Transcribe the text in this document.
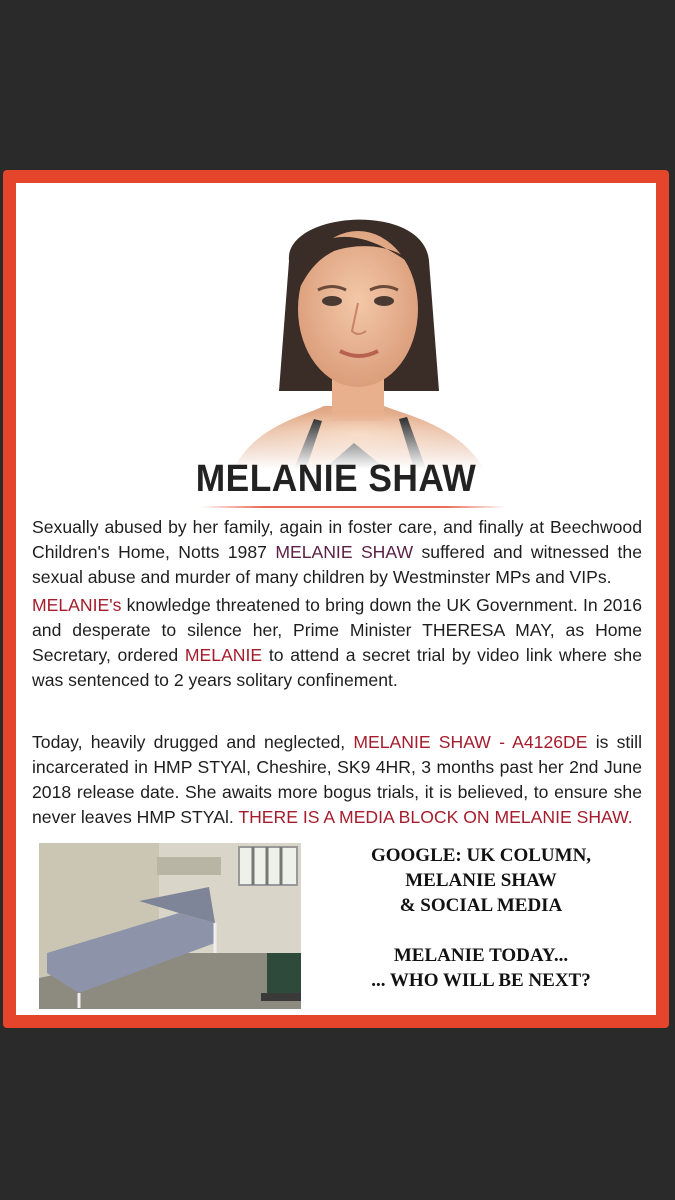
MELANIE SHAW
Sexually abused by her family, again in foster care, and finally at Beechwood Children's Home, Notts 1987 MELANIE SHAW suffered and witnessed the sexual abuse and murder of many children by Westminster MPs and VIPs.
MELANIE's knowledge threatened to bring down the UK Government. In 2016 and desperate to silence her, Prime Minister THERESA MAY, as Home Secretary, ordered MELANIE to attend a secret trial by video link where she was sentenced to 2 years solitary confinement.
Today, heavily drugged and neglected, MELANIE SHAW - A4126DE is still incarcerated in HMP STYAl, Cheshire, SK9 4HR, 3 months past her 2nd June 2018 release date. She awaits more bogus trials, it is believed, to ensure she never leaves HMP STYAl. THERE IS A MEDIA BLOCK ON MELANIE SHAW.
GOOGLE: UK COLUMN,
MELANIE SHAW
& SOCIAL MEDIA
MELANIE TODAY...
... WHO WILL BE NEXT?
